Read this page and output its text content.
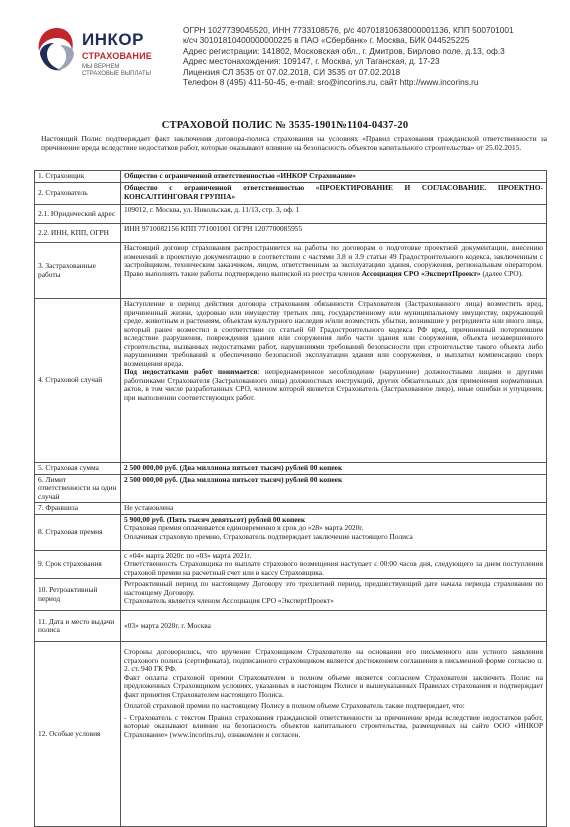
ИНКОР
СТРАХОВАНИЕ
МЫ ВЕРНЕМ СТРАХОВЫЕ ВЫПЛАТЫ
ОГРН 1027739045520, ИНН 7733108576, р/с 40701810638000001136, КПП 500701001
к/сч 30101810400000000225 в ПАО «Сбербанк» г. Москва, БИК 044525225
Адрес регистрации: 141802, Московская обл., г. Дмитров, Бирлово поле, д.13, оф.3
Адрес местонахождения: 109147, г. Москва, ул Таганская, д. 17-23
Лицензия СЛ 3535 от 07.02.2018, СИ 3535 от 07.02.2018
Телефон 8 (495) 411-50-45, e-mail: sro@incorins.ru, сайт http://www.incorins.ru
СТРАХОВОЙ ПОЛИС № 3535-1901№1104-0437-20
Настоящий Полис подтверждает факт заключения договора-полиса страхования на условиях «Правил страхования гражданской ответственности за причинение вреда вследствие недостатков работ, которые оказывают влияние на безопасность объектов капитального строительства» от 25.02.2015.
1. Страховщик	Общество с ограниченной ответственностью «ИНКОР Страхование»
2. Страхователь	Общество с ограниченной ответственностью «ПРОЕКТИРОВАНИЕ И СОГЛАСОВАНИЕ. ПРОЕКТНО-КОНСАЛТИНГОВАЯ ГРУППА»
2.1. Юридический адрес	109012, г. Москва, ул. Никольская, д. 11/13, стр. 3, оф. 1
2.2. ИНН, КПП, ОГРН	ИНН 9710082156 КПП 771001001 ОГРН 1207700085955
3. Застрахованные работы	Настоящий договор страхования распространяется на работы по договорам о подготовке проектной документации, внесению изменений в проектную документацию в соответствии с частями 3.8 и 3.9 статьи 49 Градостроительного кодекса, заключенным с застройщиком, техническим заказчиком, лицом, ответственным за эксплуатацию здания, сооружения, региональным оператором. Право выполнять такие работы подтверждено выпиской из реестра членов Ассоциация СРО «ЭкспертПроект» (далее СРО).
4. Страховой случай	Наступление в период действия договора страхования обязанности Страхователя (Застрахованного лица) возместить вред, причиненный жизни, здоровью или имуществу третьих лиц, государственному или муниципальному имуществу, окружающей среде, животным и растениям, объектам культурного наследия и/или возместить убытки, возникшие у регредиента или иного лица, который ранее возместил в соответствии со статьей 60 Градостроительного кодекса РФ вред, причиненный потерпевшим вследствие разрушения, повреждения здания или сооружения либо части здания или сооружения, объекта незавершенного строительства, вызванных недостатками работ, нарушениями требований безопасности при строительстве такого объекта либо нарушениями требований к обеспечению безопасной эксплуатации здания или сооружения, и выплатил компенсацию сверх возмещения вреда.

Под недостатками работ понимается: непреднамеренное несоблюдение (нарушение) должностными лицами и другими работниками Страхователя (Застрахованного лица) должностных инструкций, других обязательных для применения нормативных актов, в том числе разработанных СРО, членом которой является Страхователь (Застрахованное лицо), иные ошибки и упущения, при выполнении соответствующих работ.

5. Страховая сумма	2 500 000,00 руб. (Два миллиона пятьсот тысяч) рублей 00 копеек
6. Лимит ответственности на один случай	2 500 000,00 руб. (Два миллиона пятьсот тысяч) рублей 00 копеек
7. Франшиза	Не установлена
8. Страховая премия	5 900,00 руб. (Пять тысяч девятьсот) рублей 00 копеек
Страховая премия оплачивается единовременно в срок до «28» марта 2020г.
Оплачивая страховую премию, Страхователь подтверждает заключение настоящего Полиса

9. Срок страхования	с «04» марта 2020г. по «03» марта 2021г.
Ответственность Страховщика по выплате страхового возмещения наступает с 00:00 часов дня, следующего за днем поступления страховой премии на расчетный счет или в кассу Страховщика.

10. Ретроактивный период	Ретроактивный период по настоящему Договору это трехлетний период, предшествующий дате начала периода страхования по настоящему Договору.
Страхователь является членом Ассоциация СРО «ЭкспертПроект»

11. Дата и место выдачи полиса	«03» марта 2020г. г. Москва
12. Особые условия	Стороны договорились, что вручение Страховщиком Страхователю на основании его письменного или устного заявления страхового полиса (сертификата), подписанного страховщиком является достижением соглашения в письменной форме согласно п. 2. ст. 940 ГК РФ.

Факт оплаты страховой премии Страхователем в полном объеме является согласием Страхователя заключить Полис на предложенных Страховщиком условиях, указанных в настоящем Полисе и вышеуказанных Правилах страхования и подтверждает факт принятия Страхователем настоящего Полиса.

Оплатой страховой премии по настоящему Полису в полном объеме Страхователь также подтверждает, что:

- Страхователь с текстом Правил страхования гражданской ответственности за причинение вреда вследствие недостатков работ, которые оказывают влияние на безопасность объектов капитального строительства, размещенных на сайте ООО «ИНКОР Страхование» (www.incorins.ru), ознакомлен и согласен.
